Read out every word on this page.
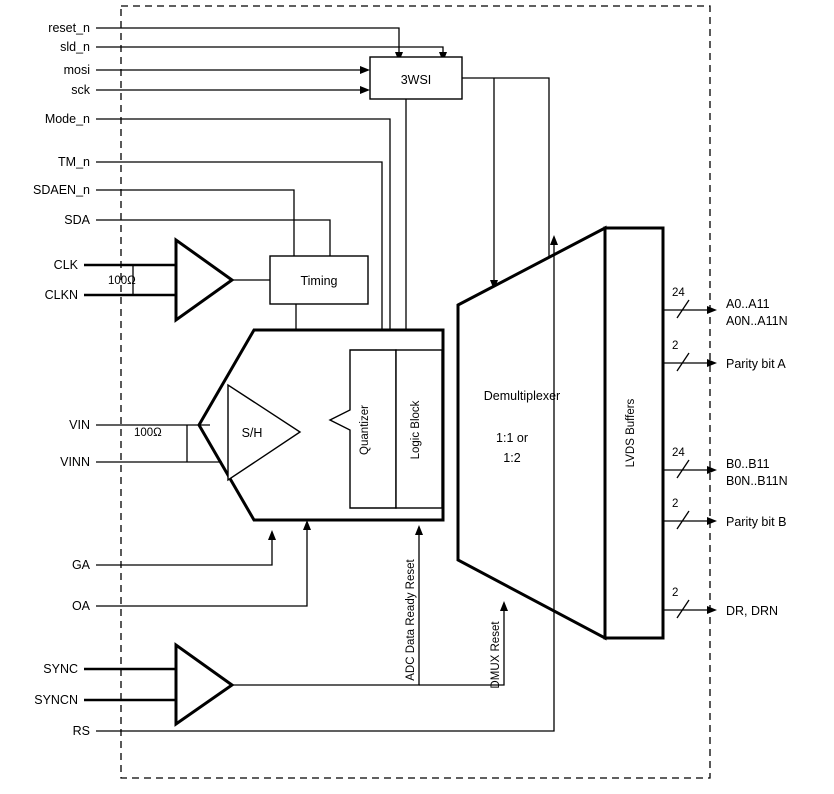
Timing
3WSI
S/H	Quantizer	Logic Block
Demultiplexer
1:1 or
1:2	LVDS Buffers
ADC Data Ready Reset	DMUX Reset
reset_n
sld_n
mosi
sck
Mode_n
TM_n
SDAEN_n
SDA
CLK
CLKN
VIN
VINN
GA
OA
SYNC
SYNCN
RS
100Ω
100Ω
24
2
24
2
2
A0..A11
A0N..A11N
Parity bit A
B0..B11
B0N..B11N
Parity bit B
DR, DRN
